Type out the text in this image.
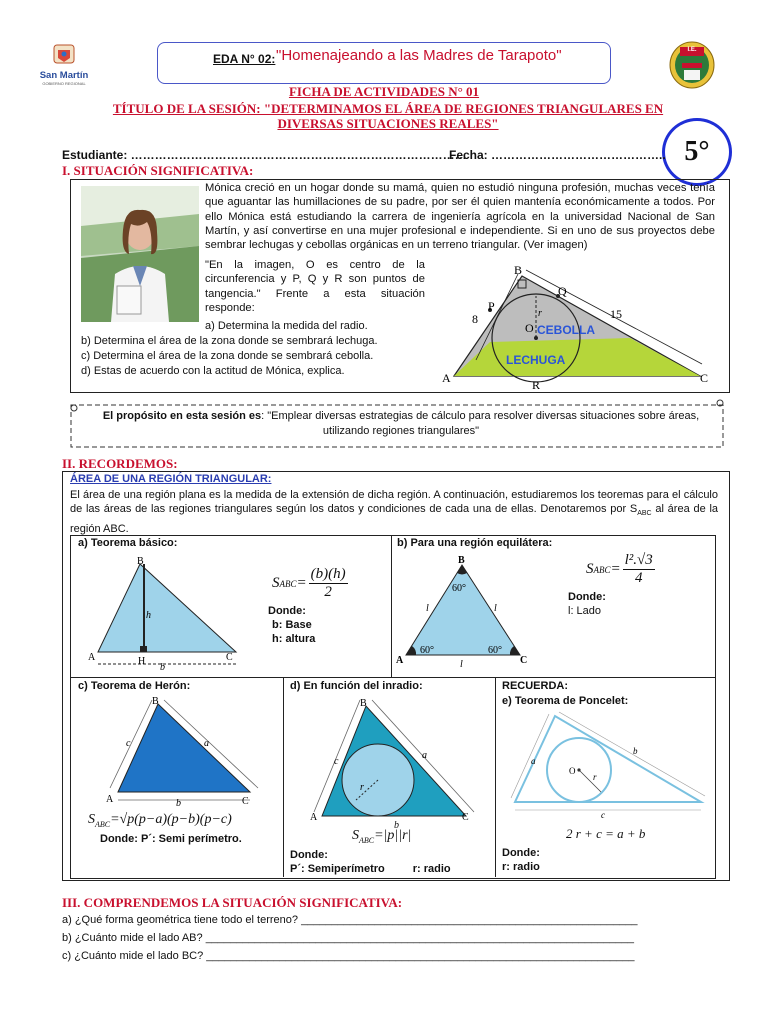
San Martín
GOBIERNO REGIONAL
I.E.
EDA N° 02: "Homenajeando a las Madres de Tarapoto"
FICHA DE ACTIVIDADES N° 01
TÍTULO DE LA SESIÓN: "DETERMINAMOS EL ÁREA DE REGIONES TRIANGULARES EN
DIVERSAS SITUACIONES REALES"
5°
Estudiante: …………………………………………………………………………
Fecha: ……………………………………..
I. SITUACIÓN SIGNIFICATIVA:
Mónica creció en un hogar donde su mamá, quien no estudió ninguna profesión, muchas veces tenía que aguantar las humillaciones de su padre, por ser él quien mantenía económicamente a todos. Por ello Mónica está estudiando la carrera de ingeniería agrícola en la universidad Nacional de San Martín, y así convertirse en una mujer profesional e independiente. Si en uno de sus proyectos debe sembrar lechugas y cebollas orgánicas en un terreno triangular. (Ver imagen)
"En la imagen, O es centro de la circunferencia y P, Q y R son puntos de tangencia." Frente a esta situación responde:
a) Determina la medida del radio.
b) Determina el área de la zona donde se sembrará lechuga.
c) Determina el área de la zona donde se sembrará cebolla.
d) Estas de acuerdo con la actitud de Mónica, explica.
B
P
Q
O
r
A	C
R
8	15
CEBOLLA
LECHUGA
El propósito en esta sesión es: "Emplear diversas estrategias de cálculo para resolver diversas situaciones sobre áreas, utilizando regiones triangulares"
II. RECORDEMOS:
ÁREA DE UNA REGIÓN TRIANGULAR:
El área de una región plana es la medida de la extensión de dicha región. A continuación, estudiaremos los teoremas para el cálculo de las áreas de las regiones triangulares según los datos y condiciones de cada una de ellas. Denotaremos por $S_{ABC}$ al área de la región ABC.
a) Teorema básico:
B
A	H	C
h
b
S ABC = $\frac{(b)(h)}{2}$
Donde:
b: Base
h: altura
b) Para una región equilátera:
B
A	C
60°
60°	60°
l	l
l
S ABC = $\frac{\text{l².√3}}{4}$
Donde:
l: Lado
c) Teorema de Herón:
B
A	C
a
b
c
$S_{ABC}=√p(p-a)(p-b)(p-c)$
Donde: P´: Semi perímetro.
d) En función del inradio:
B
A	C
a
c
r
b
$S_{ABC}=|p||r|$
Donde:
P´: Semiperímetro	r: radio
RECUERDA:
e) Teorema de Poncelet:
O
r
a
b
c
2 r + c = a + b
Donde:
r: radio
III. COMPRENDEMOS LA SITUACIÓN SIGNIFICATIVA:
a) ¿Qué forma geométrica tiene todo el terreno? _______________________________________________________
b) ¿Cuánto mide el lado AB? ______________________________________________________________________
c) ¿Cuánto mide el lado BC? ______________________________________________________________________
